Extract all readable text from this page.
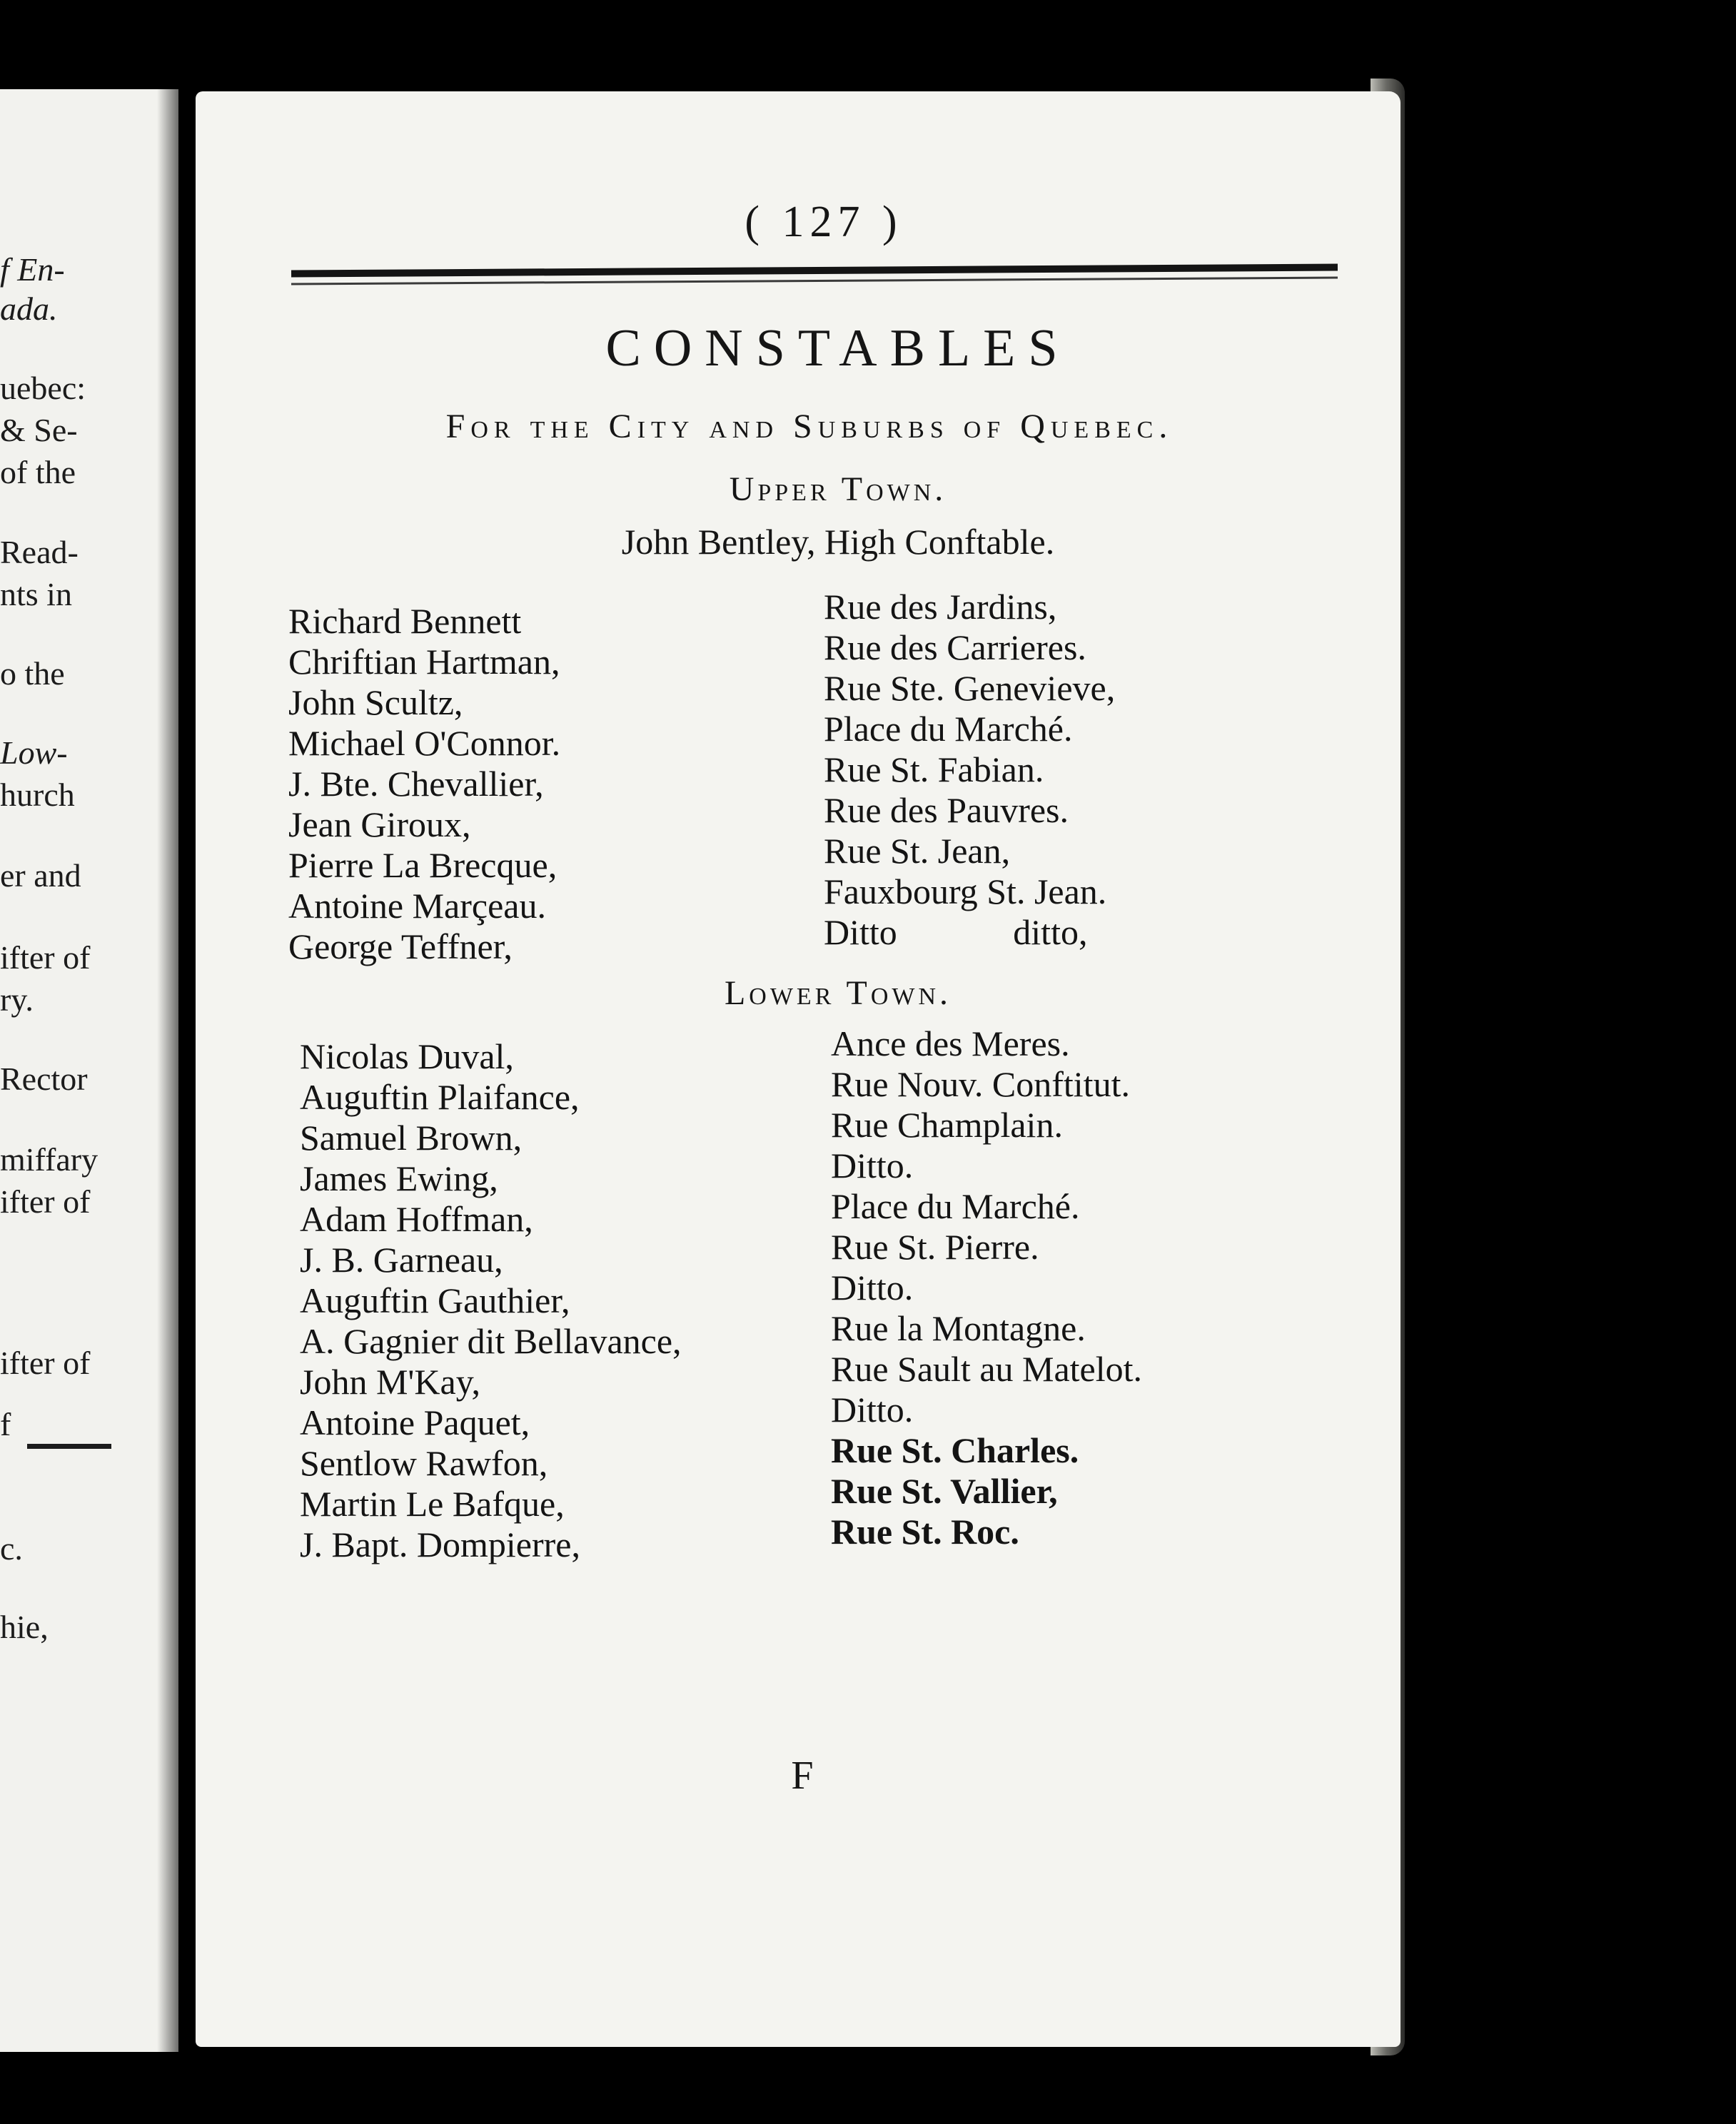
f En-
ada.
uebec:
& Se-
of the
Read-
nts in
o the
Low-
hurch
er and
ifter of
ry.
Rector
miffary
ifter of
ifter of
f
c.
hie,
( 127 )
CONSTABLES
For the City and Suburbs of Quebec.
Upper Town.
John Bentley, High Conftable.
Richard Bennett
Chriftian Hartman,
John Scultz,
Michael O'Connor.
J. Bte. Chevallier,
Jean Giroux,
Pierre La Brecque,
Antoine Marçeau.
George Teffner,
Rue des Jardins,
Rue des Carrieres.
Rue Ste. Genevieve,
Place du Marché.
Rue St. Fabian.
Rue des Pauvres.
Rue St. Jean,
Fauxbourg St. Jean.
Ditto             ditto,
Lower Town.
Nicolas Duval,
Auguftin Plaifance,
Samuel Brown,
James Ewing,
Adam Hoffman,
J. B. Garneau,
Auguftin Gauthier,
A. Gagnier dit Bellavance,
John M'Kay,
Antoine Paquet,
Sentlow Rawfon,
Martin Le Bafque,
J. Bapt. Dompierre,
Ance des Meres.
Rue Nouv. Conftitut.
Rue Champlain.
Ditto.
Place du Marché.
Rue St. Pierre.
Ditto.
Rue la Montagne.
Rue Sault au Matelot.
Ditto.
Rue St. Charles.
Rue St. Vallier,
Rue St. Roc.
F
